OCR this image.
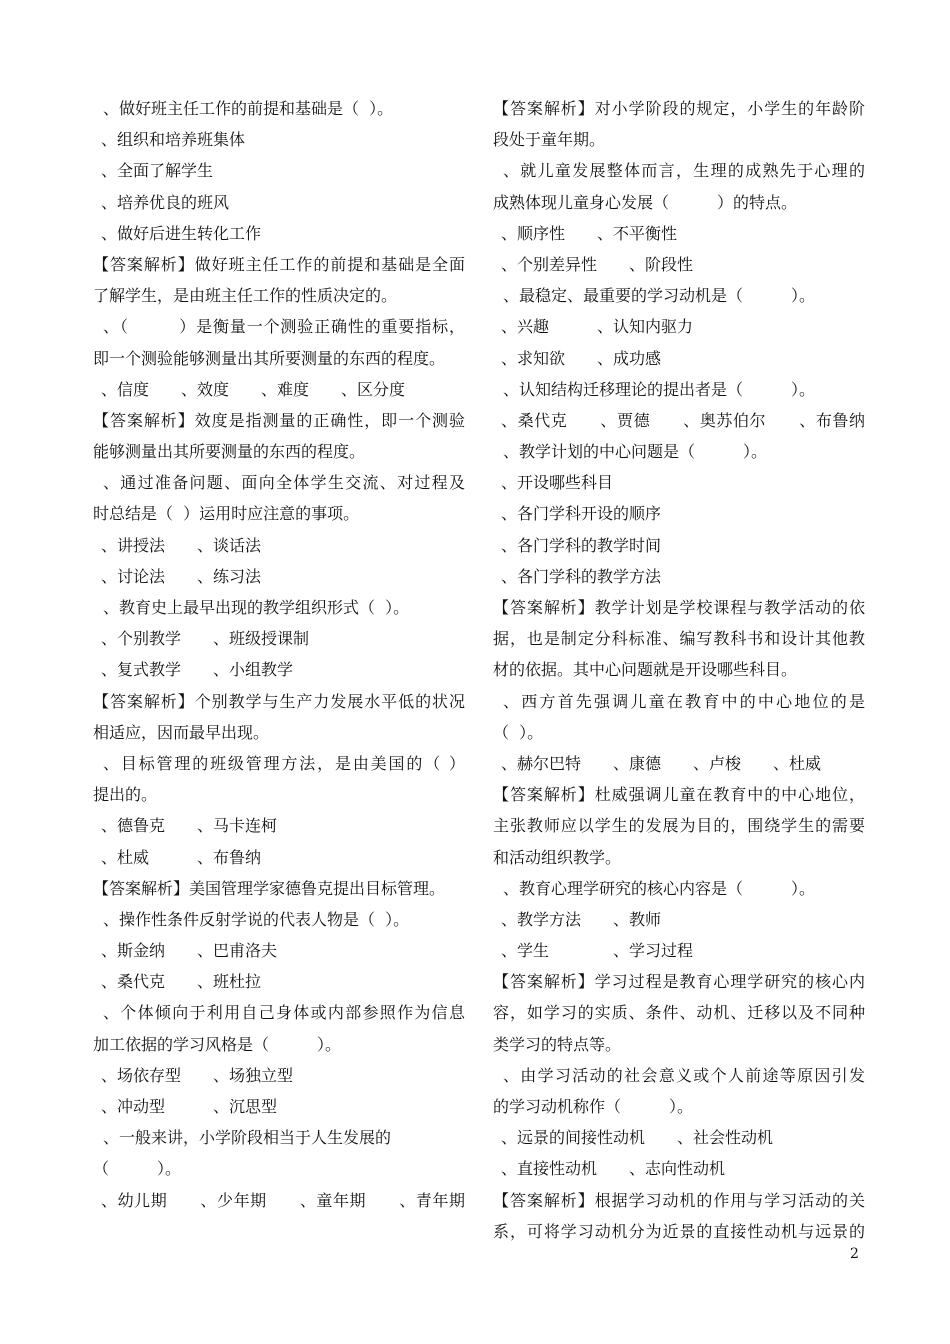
、做好班主任工作的前提和基础是（  ）。
、组织和培养班集体
、全面了解学生
、培养优良的班风
、做好后进生转化工作
【答案解析】做好班主任工作的前提和基础是全面
了解学生，是由班主任工作的性质决定的。
、（　　　）是衡量一个测验正确性的重要指标，
即一个测验能够测量出其所要测量的东西的程度。
、信度　　、效度　　、难度　　、区分度
【答案解析】效度是指测量的正确性，即一个测验
能够测量出其所要测量的东西的程度。
、通过准备问题、面向全体学生交流、对过程及
时总结是（  ）运用时应注意的事项。
、讲授法　　、谈话法
、讨论法　　、练习法
、教育史上最早出现的教学组织形式（  ）。
、个别教学　　、班级授课制
、复式教学　　、小组教学
【答案解析】个别教学与生产力发展水平低的状况
相适应，因而最早出现。
、目标管理的班级管理方法，是由美国的（ ）
提出的。
、德鲁克　　、马卡连柯
、杜威　　　、布鲁纳
【答案解析】美国管理学家德鲁克提出目标管理。
、操作性条件反射学说的代表人物是（  ）。
、斯金纳　　、巴甫洛夫
、桑代克　　、班杜拉
、个体倾向于利用自己身体或内部参照作为信息
加工依据的学习风格是（　　　）。
、场依存型　　、场独立型
、冲动型　　　、沉思型
、一般来讲，小学阶段相当于人生发展的
（　　　）。
、幼儿期　　、少年期　　、童年期　　、青年期
【答案解析】对小学阶段的规定，小学生的年龄阶
段处于童年期。
、就儿童发展整体而言，生理的成熟先于心理的
成熟体现儿童身心发展（　　　）的特点。
、顺序性　　、不平衡性
、个别差异性　　、阶段性
、最稳定、最重要的学习动机是（　　　）。
、兴趣　　　、认知内驱力
、求知欲　　、成功感
、认知结构迁移理论的提出者是（　　　）。
、桑代克　　、贾德　　、奥苏伯尔　　、布鲁纳
、教学计划的中心问题是（　　　）。
、开设哪些科目
、各门学科开设的顺序
、各门学科的教学时间
、各门学科的教学方法
【答案解析】教学计划是学校课程与教学活动的依
据，也是制定分科标准、编写教科书和设计其他教
材的依据。其中心问题就是开设哪些科目。
、西方首先强调儿童在教育中的中心地位的是
（  ）。
、赫尔巴特　　、康德　　、卢梭　　、杜威
【答案解析】杜威强调儿童在教育中的中心地位，
主张教师应以学生的发展为目的，围绕学生的需要
和活动组织教学。
、教育心理学研究的核心内容是（　　　）。
、教学方法　　、教师
、学生　　　　、学习过程
【答案解析】学习过程是教育心理学研究的核心内
容，如学习的实质、条件、动机、迁移以及不同种
类学习的特点等。
、由学习活动的社会意义或个人前途等原因引发
的学习动机称作（　　　）。
、远景的间接性动机　　、社会性动机
、直接性动机　　、志向性动机
【答案解析】根据学习动机的作用与学习活动的关
系，可将学习动机分为近景的直接性动机与远景的
2
